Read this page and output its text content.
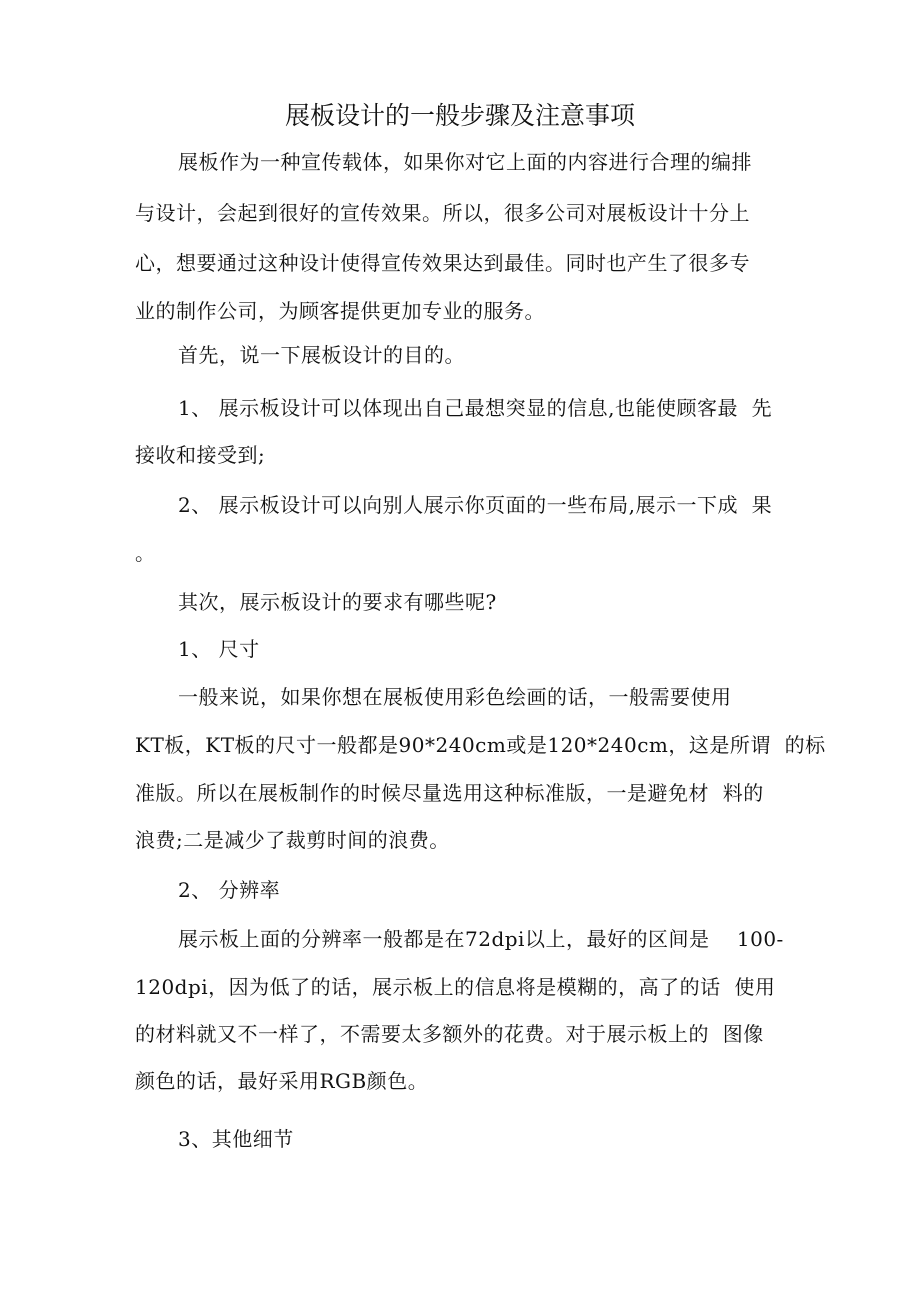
展板设计的一般步骤及注意事项
展板作为一种宣传载体，如果你对它上面的内容进行合理的编排
与设计，会起到很好的宣传效果。所以，很多公司对展板设计十分上
心，想要通过这种设计使得宣传效果达到最佳。同时也产生了很多专
业的制作公司，为顾客提供更加专业的服务。
首先，说一下展板设计的目的。
1、 展示板设计可以体现出自己最想突显的信息,也能使顾客最  先
接收和接受到;
2、 展示板设计可以向别人展示你页面的一些布局,展示一下成  果
。
其次，展示板设计的要求有哪些呢?
1、 尺寸
一般来说，如果你想在展板使用彩色绘画的话，一般需要使用
KT板，KT板的尺寸一般都是90*240cm或是120*240cm，这是所谓  的标
准版。所以在展板制作的时候尽量选用这种标准版，一是避免材  料的
浪费;二是减少了裁剪时间的浪费。
2、 分辨率
展示板上面的分辨率一般都是在72dpi以上，最好的区间是    100-
120dpi，因为低了的话，展示板上的信息将是模糊的，高了的话  使用
的材料就又不一样了，不需要太多额外的花费。对于展示板上的  图像
颜色的话，最好采用RGB颜色。
3、其他细节
